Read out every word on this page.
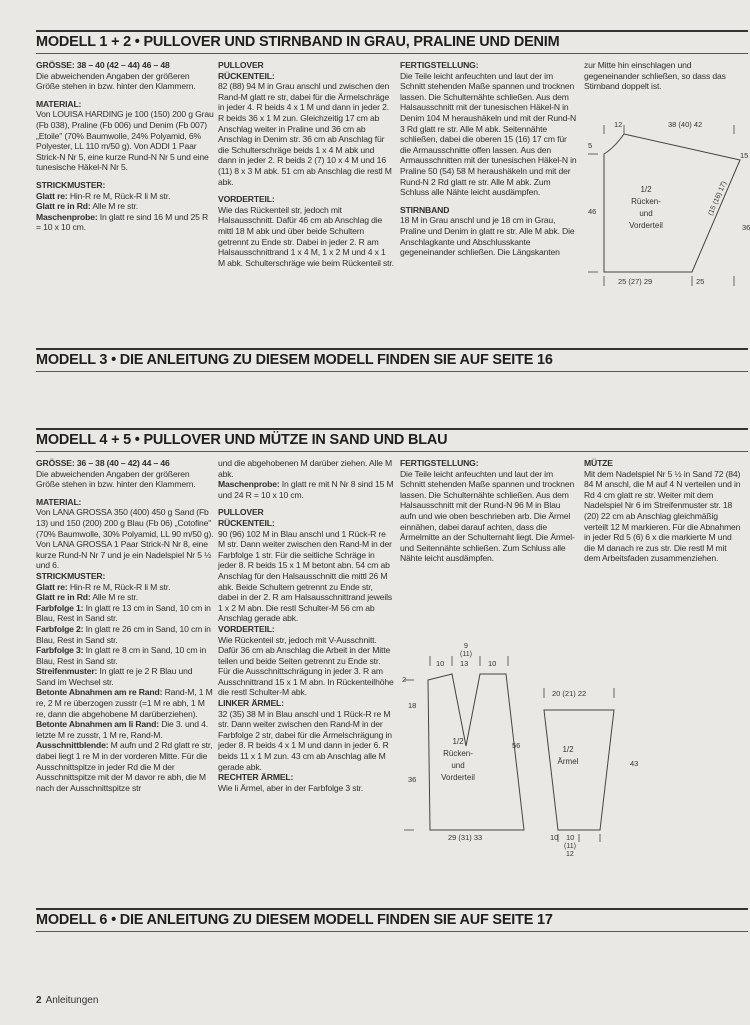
MODELL 1 + 2 • PULLOVER UND STIRNBAND IN GRAU, PRALINE UND DENIM
MODELL 3 • DIE ANLEITUNG ZU DIESEM MODELL FINDEN SIE AUF SEITE 16
MODELL 4 + 5 • PULLOVER UND MÜTZE IN SAND UND BLAU
MODELL 6 • DIE ANLEITUNG ZU DIESEM MODELL FINDEN SIE AUF SEITE 17

GRÖSSE: 38 – 40 (42 – 44) 46 – 48

Die abweichenden Angaben der größeren Größe stehen in bzw. hinter den Klammern.

MATERIAL:

Von LOUISA HARDING je 100 (150) 200 g Grau (Fb 038), Praline (Fb 006) und Denim (Fb 007) „Etoile" (70% Baumwolle, 24% Polyamid, 6% Polyester, LL 110 m/50 g). Von ADDI 1 Paar Strick-N Nr 5, eine kurze Rund-N Nr 5 und eine tunesische Häkel-N Nr 5.

STRICKMUSTER:

Glatt re: Hin-R re M, Rück-R li M str.

Glatt re in Rd: Alle M re str.

Maschenprobe: In glatt re sind 16 M und 25 R = 10 x 10 cm.

PULLOVER

RÜCKENTEIL:

82 (88) 94 M in Grau anschl und zwischen den Rand-M glatt re str, dabei für die Ärmelschräge in jeder 4. R beids 4 x 1 M und dann in jeder 2. R beids 36 x 1 M zun. Gleichzeitig 17 cm ab Anschlag weiter in Praline und 36 cm ab Anschlag in Denim str. 36 cm ab Anschlag für die Schulterschräge beids 1 x 4 M abk und dann in jeder 2. R beids 2 (7) 10 x 4 M und 16 (11) 8 x 3 M abk. 51 cm ab Anschlag die restl M abk.

VORDERTEIL:

Wie das Rückenteil str, jedoch mit Halsausschnitt. Dafür 46 cm ab Anschlag die mittl 18 M abk und über beide Schultern getrennt zu Ende str. Dabei in jeder 2. R am Halsausschnittrand 1 x 4 M, 1 x 2 M und 4 x 1 M abk. Schulterschräge wie beim Rückenteil str.

FERTIGSTELLUNG:

Die Teile leicht anfeuchten und laut der im Schnitt stehenden Maße spannen und trocknen lassen. Die Schulternähte schließen. Aus dem Halsausschnitt mit der tunesischen Häkel-N in Denim 104 M heraushäkeln und mit der Rund-N 3 Rd glatt re str. Alle M abk. Seitennähte schließen, dabei die oberen 15 (16) 17 cm für die Armausschnitte offen lassen. Aus den Armausschnitten mit der tunesischen Häkel-N in Praline 50 (54) 58 M heraushäkeln und mit der Rund-N 2 Rd glatt re str. Alle M abk. Zum Schluss alle Nähte leicht ausdämpfen.

STIRNBAND

18 M in Grau anschl und je 18 cm in Grau, Praline und Denim in glatt re str. Alle M abk. Die Anschlagkante und Abschlusskante gegeneinander schließen. Die Längskanten

zur Mitte hin einschlagen und gegeneinander schließen, so dass das Stirnband doppelt ist.

12	38 (40) 42
5
15
46
1/2
Rücken-
und
Vorderteil
(15 (16) 17)
36
25 (27) 29	25

GRÖSSE: 36 – 38 (40 – 42) 44 – 46

Die abweichenden Angaben der größeren Größe stehen in bzw. hinter den Klammern.

MATERIAL:

Von LANA GROSSA 350 (400) 450 g Sand (Fb 13) und 150 (200) 200 g Blau (Fb 06) „Cotofine" (70% Baumwolle, 30% Polyamid, LL 90 m/50 g). Von LANA GROSSA 1 Paar Strick-N Nr 8, eine kurze Rund-N Nr 7 und je ein Nadelspiel Nr 5 ½ und 6.

STRICKMUSTER:

Glatt re: Hin-R re M, Rück-R li M str.

Glatt re in Rd: Alle M re str.

Farbfolge 1: In glatt re 13 cm in Sand, 10 cm in Blau, Rest in Sand str.

Farbfolge 2: In glatt re 26 cm in Sand, 10 cm in Blau, Rest in Sand str.

Farbfolge 3: In glatt re 8 cm in Sand, 10 cm in Blau, Rest in Sand str.

Streifenmuster: In glatt re je 2 R Blau und Sand im Wechsel str.

Betonte Abnahmen am re Rand: Rand-M, 1 M re, 2 M re überzogen zusstr (=1 M re abh, 1 M re, dann die abgehobene M darüberziehen).

Betonte Abnahmen am li Rand: Die 3. und 4. letzte M re zusstr, 1 M re, Rand-M.

Ausschnittblende: M aufn und 2 Rd glatt re str, dabei liegt 1 re M in der vorderen Mitte. Für die Ausschnittspitze in jeder Rd die M der Ausschnittspitze mit der M davor re abh, die M nach der Ausschnittspitze str

und die abgehobenen M darüber ziehen. Alle M abk.

Maschenprobe: In glatt re mit N Nr 8 sind 15 M und 24 R = 10 x 10 cm.

PULLOVER

RÜCKENTEIL:

90 (96) 102 M in Blau anschl und 1 Rück-R re M str. Dann weiter zwischen den Rand-M in der Farbfolge 1 str. Für die seitliche Schräge in jeder 8. R beids 15 x 1 M betont abn. 54 cm ab Anschlag für den Halsausschnitt die mittl 26 M abk. Beide Schultern getrennt zu Ende str, dabei in der 2. R am Halsausschnittrand jeweils 1 x 2 M abn. Die restl Schulter-M 56 cm ab Anschlag gerade abk.

VORDERTEIL:

Wie Rückenteil str, jedoch mit V-Ausschnitt. Dafür 36 cm ab Anschlag die Arbeit in der Mitte teilen und beide Seiten getrennt zu Ende str. Für die Ausschnittschrägung in jeder 3. R am Ausschnittrand 15 x 1 M abn. In Rückenteilhöhe die restl Schulter-M abk.

LINKER ÄRMEL:

32 (35) 38 M in Blau anschl und 1 Rück-R re M str. Dann weiter zwischen den Rand-M in der Farbfolge 2 str, dabei für die Ärmelschrägung in jeder 8. R beids 4 x 1 M und dann in jeder 6. R beids 11 x 1 M zun. 43 cm ab Anschlag alle M gerade abk.

RECHTER ÄRMEL:

Wie li Ärmel, aber in der Farbfolge 3 str.

FERTIGSTELLUNG:

Die Teile leicht anfeuchten und laut der im Schnitt stehenden Maße spannen und trocknen lassen. Die Schulternähte schließen. Aus dem Halsausschnitt mit der Rund-N 96 M in Blau aufn und wie oben beschrieben arb. Die Ärmel einnähen, dabei darauf achten, dass die Ärmelmitte an der Schulternaht liegt. Die Ärmel- und Seitennähte schließen. Zum Schluss alle Nähte leicht ausdämpfen.

MÜTZE

Mit dem Nadelspiel Nr 5 ½ in Sand 72 (84) 84 M anschl, die M auf 4 N verteilen und in Rd 4 cm glatt re str. Weiter mit dem Nadelspiel Nr 6 im Streifenmuster str. 18 (20) 22 cm ab Anschlag gleichmäßig verteilt 12 M markieren. Für die Abnahmen in jeder Rd 5 (6) 6 x die markierte M und die M danach re zus str. Die restl M mit dem Arbeitsfaden zusammenziehen.

9
(11)
10 13	10
2
18
36
56
1/2
Rücken-
und
Vorderteil
29 (31) 33
20 (21) 22
1/2
Ärmel	43
10 10
(11)
12
2 Anleitungen
